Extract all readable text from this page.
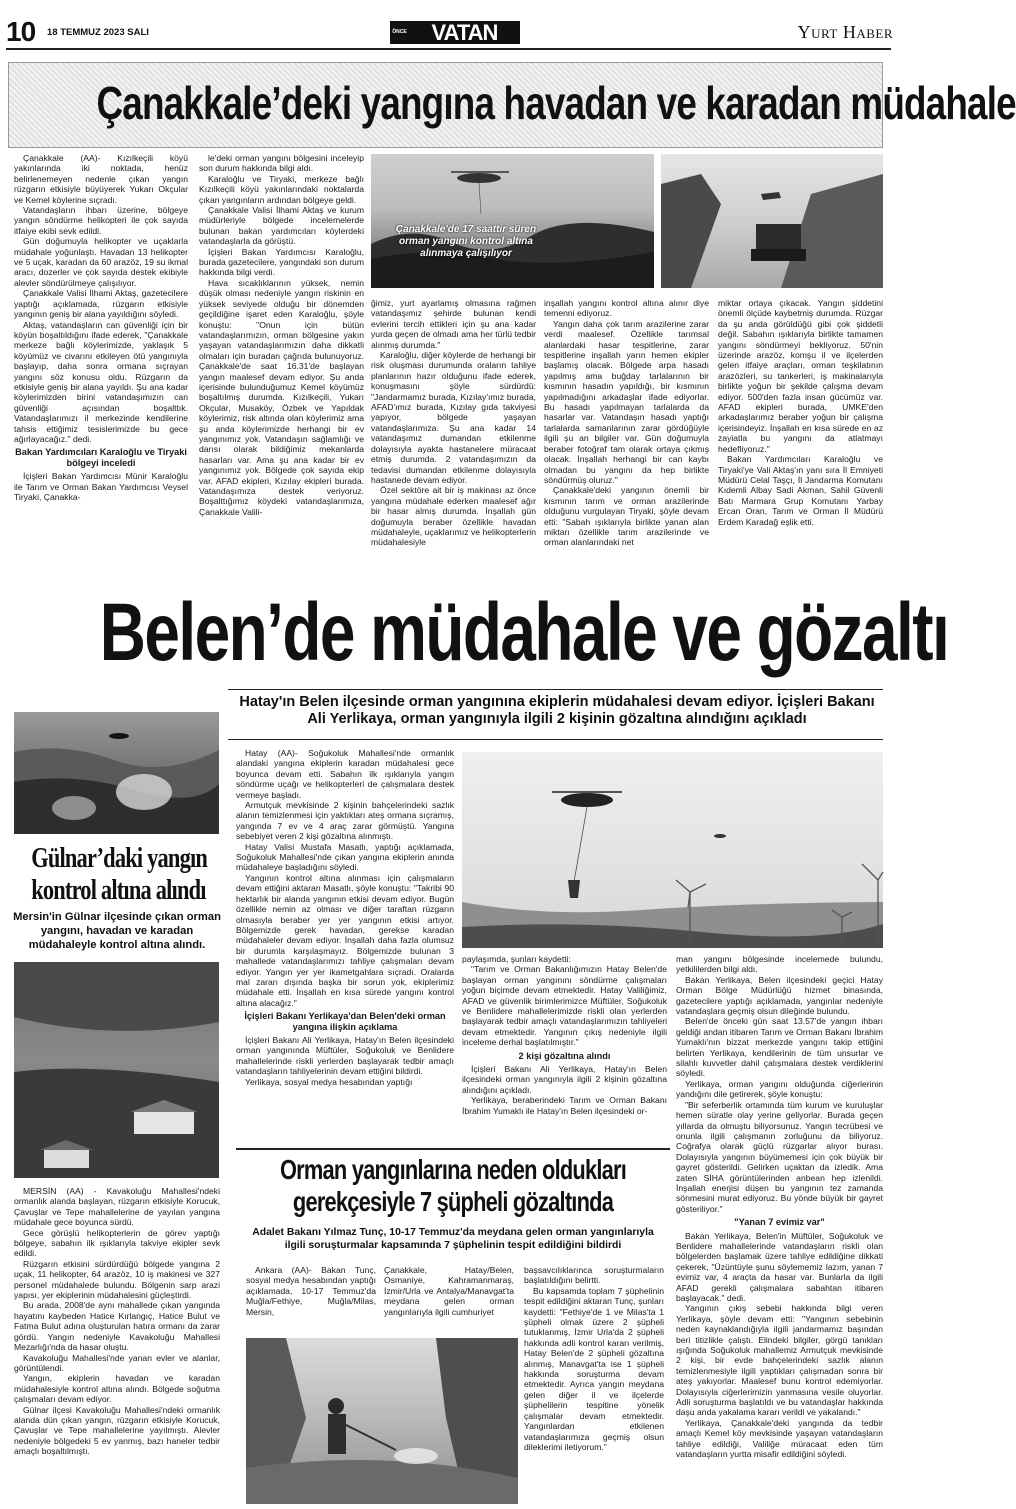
10 18 TEMMUZ 2023 SALI	ÖNCE	VATAN	Yurt Haber
Çanakkale’deki yangına havadan ve karadan müdahale
Çanakkale'de 17 saattir süren orman yangını kontrol altına alınmaya çalışılıyor

Çanakkale (AA)- Kızılkeçili köyü yakınlarında iki noktada, henüz belirlenemeyen nedenle çıkan yangın rüzgarın etkisiyle büyüyerek Yukarı Okçular ve Kemel köylerine sıçradı.

Vatandaşların ihbarı üzerine, bölgeye yangın söndürme helikopteri ile çok sayıda itfaiye ekibi sevk edildi.

Gün doğumuyla helikopter ve uçaklarla müdahale yoğunlaştı. Havadan 13 helikopter ve 5 uçak, karadan da 60 arazöz, 19 su ikmal aracı, dozerler ve çok sayıda destek ekibiyle alevler söndürülmeye çalışılıyor.

Çanakkale Valisi İlhami Aktaş, gazetecilere yaptığı açıklamada, rüzgarın etkisiyle yangının geniş bir alana yayıldığını söyledi.

Aktaş, vatandaşların can güvenliği için bir köyün boşaltıldığını ifade ederek, "Çanakkale merkeze bağlı köylerimizde, yaklaşık 5 köyümüz ve civarını etkileyen ötü yangınıyla başlayıp, daha sonra ormana sıçrayan yangını söz konusu oldu. Rüzgarın da etkisiyle geniş bir alana yayıldı. Şu ana kadar köylerimizden birini vatandaşımızın can güvenliği açısından boşalttık. Vatandaşlarımızı il merkezinde kendilerine tahsis ettiğimiz tesislerimizde bu gece ağırlayacağız." dedi.

Bakan Yardımcıları Karaloğlu ve Tiryaki bölgeyi inceledi

İçişleri Bakan Yardımcısı Münir Karaloğlu ile Tarım ve Orman Bakan Yardımcısı Veysel Tiryaki, Çanakka-

le'deki orman yangını bölgesini inceleyip son durum hakkında bilgi aldı.

Karaloğlu ve Tiryaki, merkeze bağlı Kızılkeçili köyü yakınlarındaki noktalarda çıkan yangınların ardından bölgeye geldi.

Çanakkale Valisi İlhami Aktaş ve kurum müdürleriyle bölgede incelemelerde bulunan bakan yardımcıları köylerdeki vatandaşlarla da görüştü.

İçişleri Bakan Yardımcısı Karaloğlu, burada gazetecilere, yangındaki son durum hakkında bilgi verdi.

Hava sıcaklıklarının yüksek, nemin düşük olması nedeniyle yangın riskinin en yüksek seviyede olduğu bir dönemden geçildiğine işaret eden Karaloğlu, şöyle konuştu: "Onun için bütün vatandaşlarımızın, orman bölgesine yakın yaşayan vatandaşlarımızın daha dikkatli olmaları için buradan çağrıda bulunuyoruz. Çanakkale'de saat 16.31'de başlayan yangın maalesef devam ediyor. Şu anda içerisinde bulunduğumuz Kemel köyümüz boşaltılmış durumda. Kızılkeçili, Yukarı Okçular, Musaköy, Özbek ve Yapıldak köylerimiz, risk altında olan köylerimiz ama şu anda köylerimizde herhangi bir ev yangınımız yok. Vatandaşın sağlamlığı ve darısı olarak bildiğimiz mekanlarda hasarları var. Ama şu ana kadar bir ev yangınımız yok. Bölgede çok sayıda ekip var. AFAD ekipleri, Kızılay ekipleri burada. Vatandaşımıza destek veriyoruz. Boşalttığımız köydeki vatandaşlarımıza, Çanakkale Valili-

ğimiz, yurt ayarlamış olmasına rağmen vatandaşımız şehirde bulunan kendi evlerini tercih ettikleri için şu ana kadar yurda geçen de olmadı ama her türlü tedbir alınmış durumda."

Karaloğlu, diğer köylerde de herhangi bir risk oluşması durumunda oraların tahliye planlarının hazır olduğunu ifade ederek, konuşmasını şöyle sürdürdü: "Jandarmamız burada, Kızılay'ımız burada, AFAD'ımız burada, Kızılay gıda takviyesi yapıyor, bölgede yaşayan vatandaşlarımıza. Şu ana kadar 14 vatandaşımız dumandan etkilenme dolayısıyla ayakta hastanelere müracaat etmiş durumda. 2 vatandaşımızın da tedavisi dumandan etkilenme dolayısıyla hastanede devam ediyor.

Özel sektöre ait bir iş makinası az önce yangına müdahale ederken maalesef ağır bir hasar almış durumda. İnşallah gün doğumuyla beraber özellikle havadan müdahaleyle, uçaklarımız ve helikopterlerin müdahalesiyle

inşallah yangını kontrol altına alınır diye temenni ediyoruz.

Yangın daha çok tarım arazilerine zarar verdi maalesef. Özellikle tarımsal alanlardaki hasar tespitlerine, zarar tespitlerine inşallah yarın hemen ekipler başlamış olacak. Bölgede arpa hasadı yapılmış ama buğday tarlalarının bir kısmının hasadın yapıldığı, bir kısmının yapılmadığını arkadaşlar ifade ediyorlar. Bu hasadı yapılmayan tarlalarda da hasarlar var. Vatandaşın hasadı yaptığı tarlalarda samanlarının zarar gördüğüyle ilgili şu an bilgiler var. Gün doğumuyla beraber fotoğraf tam olarak ortaya çıkmış olacak. İnşallah herhangi bir can kaybı olmadan bu yangını da hep birlikte söndürmüş oluruz."

Çanakkale'deki yangının önemli bir kısmının tarım ve orman arazilerinde olduğunu vurgulayan Tiryaki, şöyle devam etti: "Sabah ışıklarıyla birlikte yanan alan miktarı özellikle tarım arazilerinde ve orman alanlarındaki net

miktar ortaya çıkacak. Yangın şiddetini önemli ölçüde kaybetmiş durumda. Rüzgar da şu anda görüldüğü gibi çok şiddetli değil. Sabahın ışıklarıyla birlikte tamamen yangını söndürmeyi bekliyoruz. 50'nin üzerinde arazöz, komşu il ve ilçelerden gelen itfaiye araçları, orman teşkilatının arazözleri, su tankerleri, iş makinalarıyla birlikte yoğun bir şekilde çalışma devam ediyor. 500'den fazla insan gücümüz var. AFAD ekipleri burada, UMKE'den arkadaşlarımız beraber yoğun bir çalışma içerisindeyiz. İnşallah en kısa sürede en az zayiatla bu yangını da atlatmayı hedefliyoruz."

Bakan Yardımcıları Karaloğlu ve Tiryaki'ye Vali Aktaş'ın yanı sıra İl Emniyeti Müdürü Celal Taşçı, İl Jandarma Komutanı Kıdemli Albay Sadi Akman, Sahil Güvenli Batı Marmara Grup Komutanı Yarbay Ercan Oran, Tarım ve Orman İl Müdürü Erdem Karadağ eşlik etti.

Belen’de müdahale ve gözaltı
Hatay'ın Belen ilçesinde orman yangınına ekiplerin müdahalesi devam ediyor. İçişleri Bakanı Ali Yerlikaya, orman yangınıyla ilgili 2 kişinin gözaltına alındığını açıkladı

Hatay (AA)- Soğukoluk Mahallesi'nde ormanlık alandaki yangına ekiplerin karadan müdahalesi gece boyunca devam etti. Sabahın ilk ışıklarıyla yangın söndürme uçağı ve helikopterleri de çalışmalara destek vermeye başladı.

Armutçuk mevkisinde 2 kişinin bahçelerindeki sazlık alanın temizlenmesi için yaktıkları ateş ormana sıçramış, yangında 7 ev ve 4 araç zarar görmüştü. Yangına sebebiyet veren 2 kişi gözaltına alınmıştı.

Hatay Valisi Mustafa Masatlı, yaptığı açıklamada, Soğukoluk Mahallesi'nde çıkan yangına ekiplerin anında müdahaleye başladığını söyledi.

Yangının kontrol altına alınması için çalışmaların devam ettiğini aktaran Masatlı, şöyle konuştu: "Takribi 90 hektarlık bir alanda yangının etkisi devam ediyor. Bugün özellikle nemin az olması ve diğer taraftan rüzgarın olmasıyla beraber yer yer yangının etkisi artıyor. Bölgemizde gerek havadan, gerekse karadan müdahaleler devam ediyor. İnşallah daha fazla olumsuz bir durumla karşılaşmayız. Bölgemizde bulunan 3 mahallede vatandaşlarımızı tahliye çalışmaları devam ediyor. Yangın yer yer ikametgahlara sıçradı. Oralarda mal zararı dışında başka bir sorun yok, ekiplerimiz müdahale etti. İnşallah en kısa sürede yangını kontrol altına alacağız."

İçişleri Bakanı Yerlikaya'dan Belen'deki orman yangına ilişkin açıklama

İçişleri Bakanı Ali Yerlikaya, Hatay'ın Belen ilçesindeki orman yangınında Müftüler, Soğukoluk ve Benlidere mahallelerinde riskli yerlerden başlayarak tedbir amaçlı vatandaşların tahliyelerinin devam ettiğini bildirdi.

Yerlikaya, sosyal medya hesabından yaptığı

paylaşımda, şunları kaydetti:

"Tarım ve Orman Bakanlığımızın Hatay Belen'de başlayan orman yangınını söndürme çalışmaları yoğun biçimde devam etmektedir. Hatay Valiliğimiz, AFAD ve güvenlik birimlerimizce Müftüler, Soğukoluk ve Benlidere mahallelerimizde riskli olan yerlerden başlayarak tedbir amaçlı vatandaşlarımızın tahliyeleri devam etmektedir. Yangının çıkış nedeniyle ilgili inceleme derhal başlatılmıştır."

2 kişi gözaltına alındı

İçişleri Bakanı Ali Yerlikaya, Hatay'ın Belen ilçesindeki orman yangınıyla ilgili 2 kişinin gözaltına alındığını açıkladı.

Yerlikaya, beraberindeki Tarım ve Orman Bakanı İbrahim Yumaklı ile Hatay'ın Belen ilçesindeki or-

man yangını bölgesinde incelemede bulundu, yetkililerden bilgi aldı.

Bakan Yerlikaya, Belen ilçesindeki geçici Hatay Orman Bölge Müdürlüğü hizmet binasında, gazetecilere yaptığı açıklamada, yangınlar nedeniyle vatandaşlara geçmiş olsun dileğinde bulundu.

Belen'de önceki gün saat 13.57'de yangın ihbarı geldiği andan itibaren Tarım ve Orman Bakanı İbrahim Yumaklı'nın bizzat merkezde yangını takip ettiğini belirten Yerlikaya, kendilerinin de tüm unsurlar ve silahlı kuvvetler dahil çalışmalara destek verdiklerini söyledi.

Yerlikaya, orman yangını olduğunda ciğerlerinin yandığını dile getirerek, şöyle konuştu:

"Bir seferberlik ortamında tüm kurum ve kuruluşlar hemen süratle olay yerine geliyorlar. Burada geçen yıllarda da olmuştu biliyorsunuz. Yangın tecrübesi ve onunla ilgili çalışmanın zorluğunu da biliyoruz. Coğrafya olarak güçlü rüzgarlar alıyor burası. Dolayısıyla yangının büyümemesi için çok büyük bir gayret gösterildi. Gelirken uçaktan da izledik. Ama zaten SİHA görüntülerinden anbean hep izlenildi. İnşallah enerjisi düşen bu yangının tez zamanda sönmesini murat ediyoruz. Bu yönde büyük bir gayret gösteriliyor."

"Yanan 7 evimiz var"

Bakan Yerlikaya, Belen'in Müftüler, Soğukoluk ve Benlidere mahallelerinde vatandaşların riskli olan bölgelerden başlamak üzere tahliye edildiğine dikkati çekerek, "Üzüntüyle şunu söylememiz lazım, yanan 7 evimiz var, 4 araçta da hasar var. Bunlarla da ilgili AFAD gerekli çalışmalara sabahtan itibaren başlayacak." dedi.

Yangının çıkış sebebi hakkında bilgi veren Yerlikaya, şöyle devam etti: "Yangının sebebinin neden kaynaklandığıyla ilgili jandarmamız başından beri titizlikle çalıştı. Elindeki bilgiler, görgü tanıkları ışığında Soğukoluk mahallemiz Armutçuk mevkisinde 2 kişi, bir evde bahçelerindeki sazlık alanın temizlenmesiyle ilgili yaptıkları çalışmadan sonra bir ateş yakıyorlar. Maalesef bunu kontrol edemiyorlar. Dolayısıyla ciğerlerimizin yanmasına vesile oluyorlar. Adli soruşturma başlatıldı ve bu vatandaşlar hakkında daşu anda yakalama kararı verildi ve yakalandı."

Yerlikaya, Çanakkale'deki yangında da tedbir amaçlı Kemel köy mevkisinde yaşayan vatandaşların tahliye edildiği, Valiliğe müracaat eden tüm vatandaşların yurtta misafir edildiğini söyledi.

Gülnar’daki yangın
kontrol altına alındı
Mersin'in Gülnar ilçesinde çıkan orman yangını, havadan ve karadan müdahaleyle kontrol altına alındı.

MERSİN (AA) - Kavakoluğu Mahallesi'ndeki ormanlık alanda başlayan, rüzgarın etkisiyle Korucuk, Çavuşlar ve Tepe mahallelerine de yayılan yangına müdahale gece boyunca sürdü.

Gece görüşlü helikopterlerin de görev yaptığı bölgeye, sabahın ilk ışıklarıyla takviye ekipler sevk edildi.

Rüzgarın etkisini sürdürdüğü bölgede yangına 2 uçak, 11 helikopter, 64 arazöz, 10 iş makinesi ve 327 personel müdahalede bulundu. Bölgenin sarp arazi yapısı, yer ekiplerinin müdahalesini güçleştirdi.

Bu arada, 2008'de aynı mahallede çıkan yangında hayatını kaybeden Hatice Kırlangıç, Hatice Bulut ve Fatma Bulut adına oluşturulan hatıra ormanı da zarar gördü. Yangın nedeniyle Kavakoluğu Mahallesi Mezarlığı'nda da hasar oluştu.

Kavakoluğu Mahallesi'nde yanan evler ve alanlar, görüntülendi.

Yangın, ekiplerin havadan ve karadan müdahalesiyle kontrol altına alındı. Bölgede soğutma çalışmaları devam ediyor.

Gülnar ilçesi Kavakoluğu Mahallesi'ndeki ormanlık alanda dün çıkan yangın, rüzgarın etkisiyle Korucuk, Çavuşlar ve Tepe mahallelerine yayılmıştı. Alevler nedeniyle bölgedeki 5 ev yanmış, bazı haneler tedbir amaçlı boşaltılmıştı.

Orman yangınlarına neden oldukları
gerekçesiyle 7 şüpheli gözaltında
Adalet Bakanı Yılmaz Tunç, 10-17 Temmuz'da meydana gelen orman yangınlarıyla ilgili soruşturmalar kapsamında 7 şüphelinin tespit edildiğini bildirdi

Ankara (AA)- Bakan Tunç, sosyal medya hesabından yaptığı açıklamada, 10-17 Temmuz'da Muğla/Fethiye, Muğla/Milas, Mersin,

Çanakkale, Hatay/Belen, Osmaniye, Kahramanmaraş, İzmir/Urla ve Antalya/Manavgat'ta meydana gelen orman yangınlarıyla ilgili cumhuriyet

başsavcılıklarınca soruşturmaların başlatıldığını belirtti.

Bu kapsamda toplam 7 şüphelinin tespit edildiğini aktaran Tunç, şunları kaydetti: "Fethiye'de 1 ve Milas'ta 1 şüpheli olmak üzere 2 şüpheli tutuklanmış, İzmir Urla'da 2 şüpheli hakkında adli kontrol kararı verilmiş, Hatay Belen'de 2 şüpheli gözaltına alınmış, Manavgat'ta ise 1 şüpheli hakkında soruşturma devam etmektedir. Ayrıca yangın meydana gelen diğer il ve ilçelerde şüphelilerin tespitine yönelik çalışmalar devam etmektedir. Yangınlardan etkilenen vatandaşlarımıza geçmiş olsun dileklerimi iletiyorum."
